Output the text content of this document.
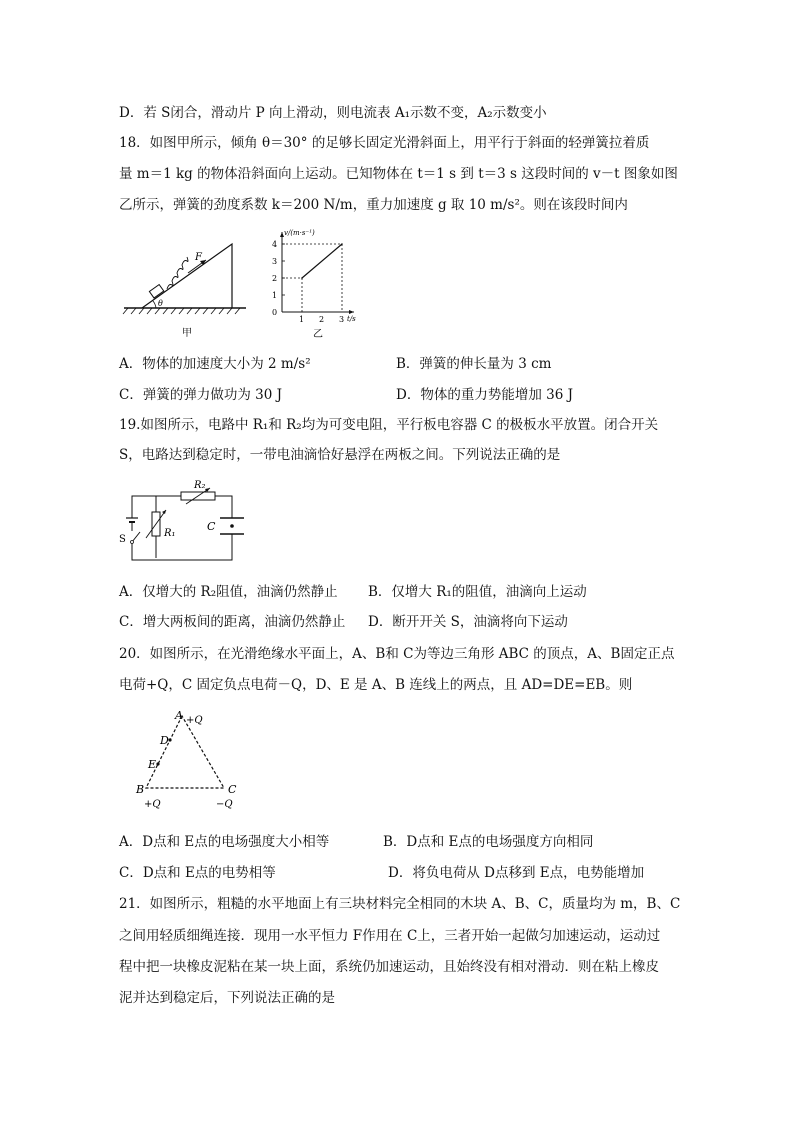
D．若 S闭合，滑动片 P 向上滑动，则电流表 A₁示数不变，A₂示数变小
18．如图甲所示，倾角 θ＝30° 的足够长固定光滑斜面上，用平行于斜面的轻弹簧拉着质
量 m＝1 kg 的物体沿斜面向上运动。已知物体在 t＝1 s 到 t＝3 s 这段时间的 v－t 图象如图
乙所示，弹簧的劲度系数 k＝200 N/m，重力加速度 g 取 10 m/s²。则在该段时间内
F
θ
甲
v/(m·s⁻¹)
t/s
0
1
2
3
4
1 2 3
乙
A．物体的加速度大小为 2 m/s²	B．弹簧的伸长量为 3 cm
C．弹簧的弹力做功为 30 J	D．物体的重力势能增加 36 J
19.如图所示，电路中 R₁和 R₂均为可变电阻，平行板电容器 C 的极板水平放置。闭合开关
S，电路达到稳定时，一带电油滴恰好悬浮在两板之间。下列说法正确的是
R₂
R₁
C
S
A．仅增大的 R₂阻值，油滴仍然静止 B．仅增大 R₁的阻值，油滴向上运动
C．增大两板间的距离，油滴仍然静止 D．断开开关 S，油滴将向下运动
20．如图所示，在光滑绝缘水平面上，A、B和 C为等边三角形 ABC 的顶点，A、B固定正点
电荷+Q，C 固定负点电荷－Q，D、E 是 A、B 连线上的两点，且 AD=DE=EB。则
A +Q
D
E
B
+Q
C
−Q
A．D点和 E点的电场强度大小相等	B．D点和 E点的电场强度方向相同
C．D点和 E点的电势相等	D．将负电荷从 D点移到 E点，电势能增加
21．如图所示，粗糙的水平地面上有三块材料完全相同的木块 A、B、C，质量均为 m，B、C
之间用轻质细绳连接．现用一水平恒力 F作用在 C上，三者开始一起做匀加速运动，运动过
程中把一块橡皮泥粘在某一块上面，系统仍加速运动，且始终没有相对滑动．则在粘上橡皮
泥并达到稳定后，下列说法正确的是
